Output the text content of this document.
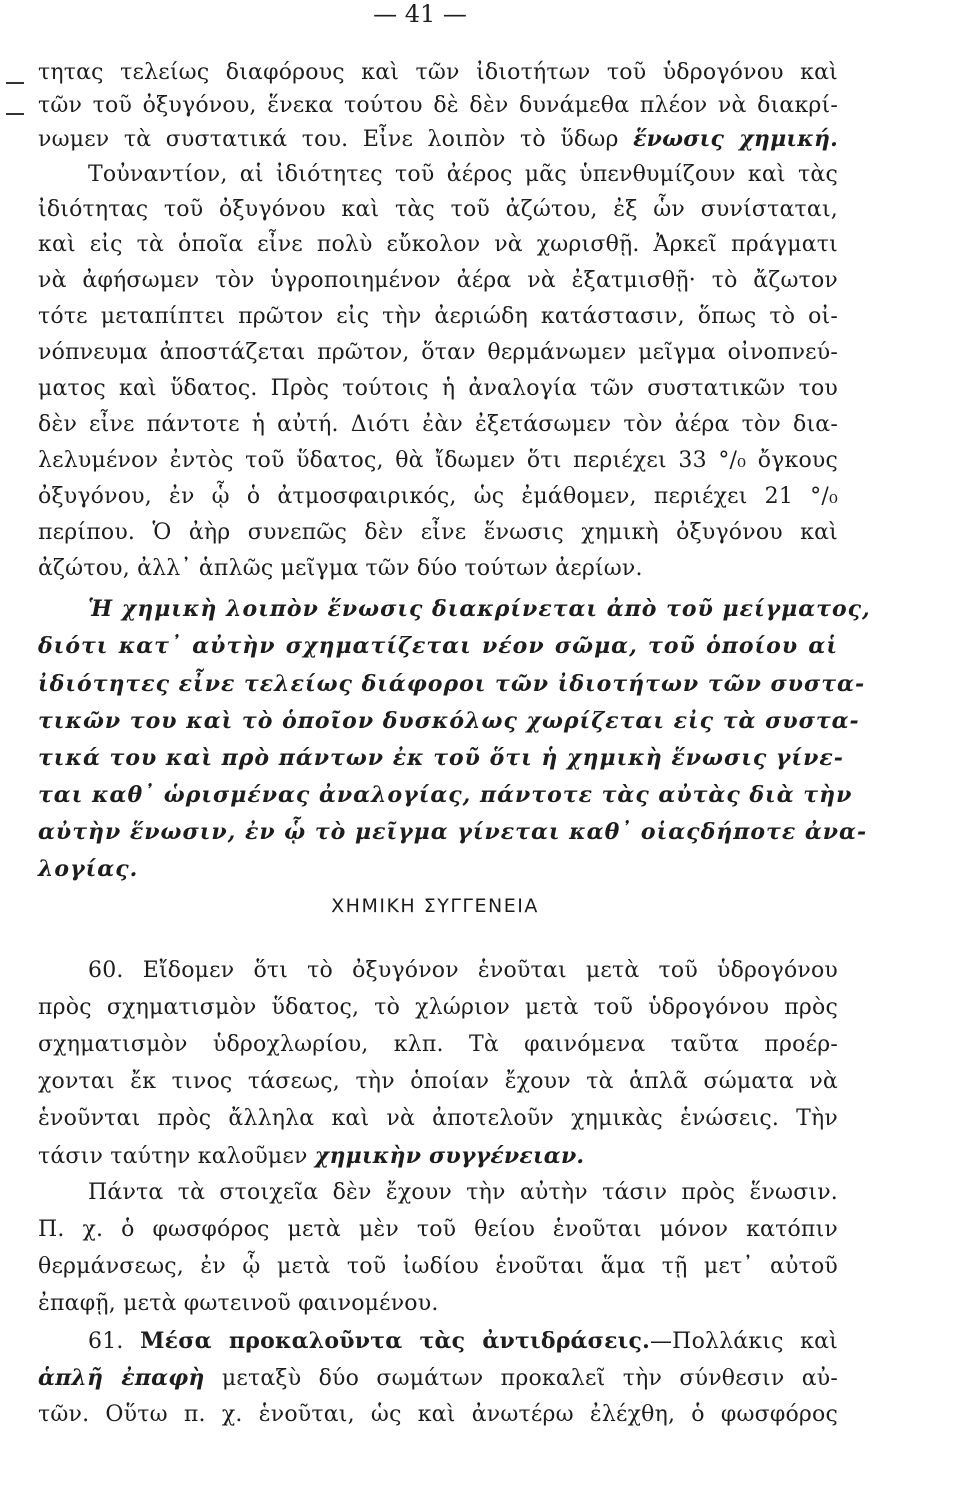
— 41 —
τητας τελείως διαφόρους καὶ τῶν ἰδιοτήτων τοῦ ὑδρογόνου καὶ
τῶν τοῦ ὀξυγόνου, ἕνεκα τούτου δὲ δὲν δυνάμεθα πλέον νὰ διακρί-
νωμεν τὰ συστατικά του. Εἶνε λοιπὸν τὸ ὕδωρ ἕνωσις χημική.
Τοὐναντίον, αἱ ἰδιότητες τοῦ ἀέρος μᾶς ὑπενθυμίζουν καὶ τὰς
ἰδιότητας τοῦ ὀξυγόνου καὶ τὰς τοῦ ἀζώτου, ἐξ ὧν συνίσταται,
καὶ εἰς τὰ ὁποῖα εἶνε πολὺ εὔκολον νὰ χωρισθῇ. Ἀρκεῖ πράγματι
νὰ ἀφήσωμεν τὸν ὑγροποιημένον ἀέρα νὰ ἐξατμισθῇ· τὸ ἄζωτον
τότε μεταπίπτει πρῶτον εἰς τὴν ἀεριώδη κατάστασιν, ὅπως τὸ οἰ-
νόπνευμα ἀποστάζεται πρῶτον, ὅταν θερμάνωμεν μεῖγμα οἰνοπνεύ-
ματος καὶ ὕδατος. Πρὸς τούτοις ἡ ἀναλογία τῶν συστατικῶν του
δὲν εἶνε πάντοτε ἡ αὐτή. Διότι ἐὰν ἐξετάσωμεν τὸν ἀέρα τὸν δια-
λελυμένον ἐντὸς τοῦ ὕδατος, θὰ ἴδωμεν ὅτι περιέχει 33 °/₀ ὄγκους
ὀξυγόνου, ἐν ᾧ ὁ ἀτμοσφαιρικός, ὡς ἐμάθομεν, περιέχει 21 °/₀
περίπου. Ὁ ἀὴρ συνεπῶς δὲν εἶνε ἕνωσις χημικὴ ὀξυγόνου καὶ
ἀζώτου, ἀλλ᾽ ἁπλῶς μεῖγμα τῶν δύο τούτων ἀερίων.
Ἡ χημικὴ λοιπὸν ἕνωσις διακρίνεται ἀπὸ τοῦ μείγματος,
διότι κατ᾽ αὐτὴν σχηματίζεται νέον σῶμα, τοῦ ὁποίου αἱ
ἰδιότητες εἶνε τελείως διάφοροι τῶν ἰδιοτήτων τῶν συστα-
τικῶν του καὶ τὸ ὁποῖον δυσκόλως χωρίζεται εἰς τὰ συστα-
τικά του καὶ πρὸ πάντων ἐκ τοῦ ὅτι ἡ χημικὴ ἕνωσις γίνε-
ται καθ᾽ ὡρισμένας ἀναλογίας, πάντοτε τὰς αὐτὰς διὰ τὴν
αὐτὴν ἕνωσιν, ἐν ᾧ τὸ μεῖγμα γίνεται καθ᾽ οἱαςδήποτε ἀνα-
λογίας.
ΧΗΜΙΚΗ ΣΥΓΓΕΝΕΙΑ
60. Εἴδομεν ὅτι τὸ ὀξυγόνον ἑνοῦται μετὰ τοῦ ὑδρογόνου
πρὸς σχηματισμὸν ὕδατος, τὸ χλώριον μετὰ τοῦ ὑδρογόνου πρὸς
σχηματισμὸν ὑδροχλωρίου, κλπ. Τὰ φαινόμενα ταῦτα προέρ-
χονται ἔκ τινος τάσεως, τὴν ὁποίαν ἔχουν τὰ ἁπλᾶ σώματα νὰ
ἑνοῦνται πρὸς ἄλληλα καὶ νὰ ἀποτελοῦν χημικὰς ἑνώσεις. Τὴν
τάσιν ταύτην καλοῦμεν χημικὴν συγγένειαν.
Πάντα τὰ στοιχεῖα δὲν ἔχουν τὴν αὐτὴν τάσιν πρὸς ἕνωσιν.
Π. χ. ὁ φωσφόρος μετὰ μὲν τοῦ θείου ἑνοῦται μόνον κατόπιν
θερμάνσεως, ἐν ᾧ μετὰ τοῦ ἰωδίου ἑνοῦται ἅμα τῇ μετ᾽ αὐτοῦ
ἐπαφῇ, μετὰ φωτεινοῦ φαινομένου.
61. Μέσα προκαλοῦντα τὰς ἀντιδράσεις.—Πολλάκις καὶ
ἁπλῆ ἐπαφὴ μεταξὺ δύο σωμάτων προκαλεῖ τὴν σύνθεσιν αὐ-
τῶν. Οὕτω π. χ. ἑνοῦται, ὡς καὶ ἀνωτέρω ἐλέχθη, ὁ φωσφόρος
